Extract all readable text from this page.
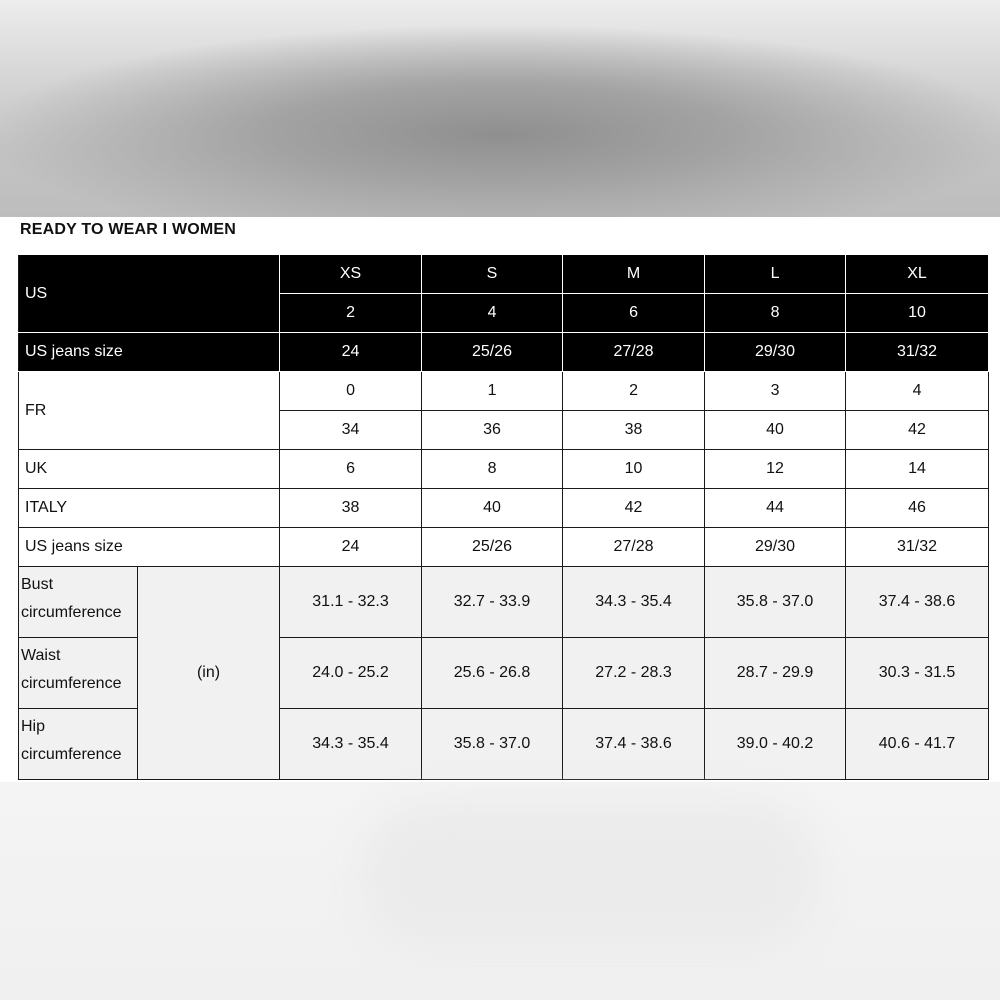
READY TO WEAR I WOMEN
US		XS	S	M	L	XL
		2	4	6	8	10
US jeans size		24	25/26	27/28	29/30	31/32
FR		0	1	2	3	4
		34	36	38	40	42
UK		6	8	10	12	14
ITALY		38	40	42	44	46
US jeans size		24	25/26	27/28	29/30	31/32
Bust
circumference	(in)	31.1 - 32.3	32.7 - 33.9	34.3 - 35.4	35.8 - 37.0	37.4 - 38.6
Waist
circumference		24.0 - 25.2	25.6 - 26.8	27.2 - 28.3	28.7 - 29.9	30.3 - 31.5
Hip
circumference		34.3 - 35.4	35.8 - 37.0	37.4 - 38.6	39.0 - 40.2	40.6 - 41.7
